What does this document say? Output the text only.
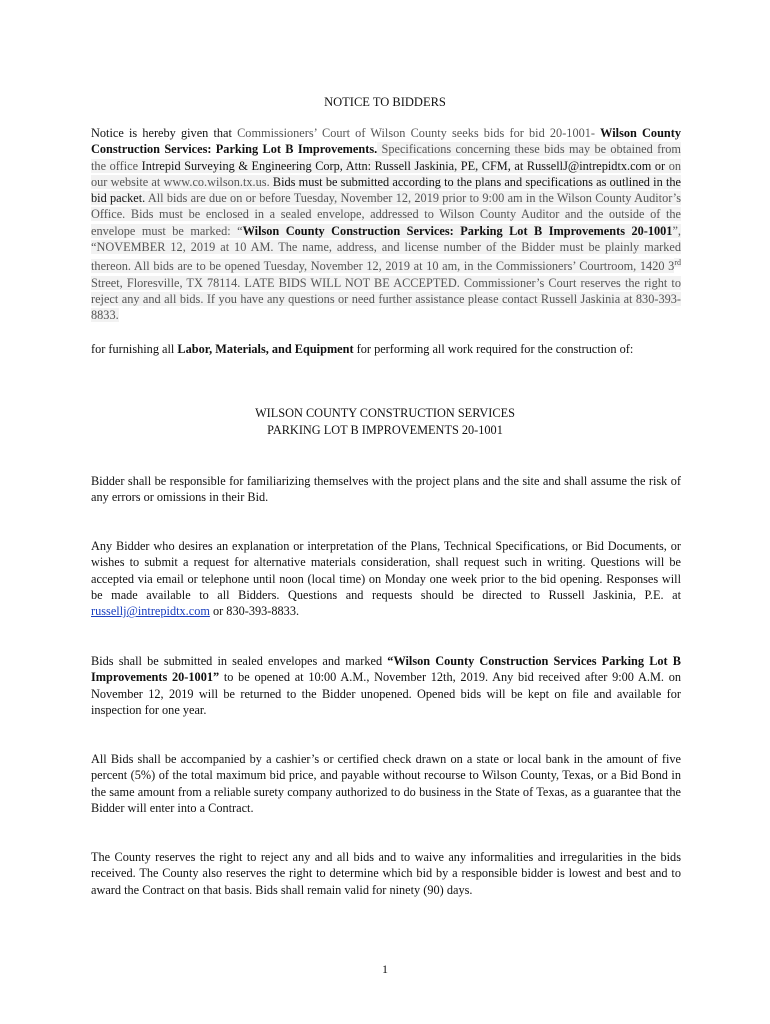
NOTICE TO BIDDERS

Notice is hereby given that Commissioners’ Court of Wilson County seeks bids for bid 20-1001- Wilson County Construction Services: Parking Lot B Improvements. Specifications concerning these bids may be obtained from the office Intrepid Surveying & Engineering Corp, Attn: Russell Jaskinia, PE, CFM, at RussellJ@intrepidtx.com or on our website at www.co.wilson.tx.us. Bids must be submitted according to the plans and specifications as outlined in the bid packet. All bids are due on or before Tuesday, November 12, 2019 prior to 9:00 am in the Wilson County Auditor’s Office. Bids must be enclosed in a sealed envelope, addressed to Wilson County Auditor and the outside of the envelope must be marked: “Wilson County Construction Services: Parking Lot B Improvements 20-1001”, “NOVEMBER 12, 2019 at 10 AM. The name, address, and license number of the Bidder must be plainly marked thereon. All bids are to be opened Tuesday, November 12, 2019 at 10 am, in the Commissioners’ Courtroom, 1420 3rd Street, Floresville, TX 78114. LATE BIDS WILL NOT BE ACCEPTED. Commissioner’s Court reserves the right to reject any and all bids. If you have any questions or need further assistance please contact Russell Jaskinia at 830-393-8833.

for furnishing all Labor, Materials, and Equipment for performing all work required for the construction of:

WILSON COUNTY CONSTRUCTION SERVICES
PARKING LOT B IMPROVEMENTS 20-1001

Bidder shall be responsible for familiarizing themselves with the project plans and the site and shall assume the risk of any errors or omissions in their Bid.

Any Bidder who desires an explanation or interpretation of the Plans, Technical Specifications, or Bid Documents, or wishes to submit a request for alternative materials consideration, shall request such in writing. Questions will be accepted via email or telephone until noon (local time) on Monday one week prior to the bid opening. Responses will be made available to all Bidders. Questions and requests should be directed to Russell Jaskinia, P.E. at russellj@intrepidtx.com or 830-393-8833.

Bids shall be submitted in sealed envelopes and marked “Wilson County Construction Services Parking Lot B Improvements 20-1001” to be opened at 10:00 A.M., November 12th, 2019. Any bid received after 9:00 A.M. on November 12, 2019 will be returned to the Bidder unopened. Opened bids will be kept on file and available for inspection for one year.

All Bids shall be accompanied by a cashier’s or certified check drawn on a state or local bank in the amount of five percent (5%) of the total maximum bid price, and payable without recourse to Wilson County, Texas, or a Bid Bond in the same amount from a reliable surety company authorized to do business in the State of Texas, as a guarantee that the Bidder will enter into a Contract.

The County reserves the right to reject any and all bids and to waive any informalities and irregularities in the bids received. The County also reserves the right to determine which bid by a responsible bidder is lowest and best and to award the Contract on that basis. Bids shall remain valid for ninety (90) days.

1
